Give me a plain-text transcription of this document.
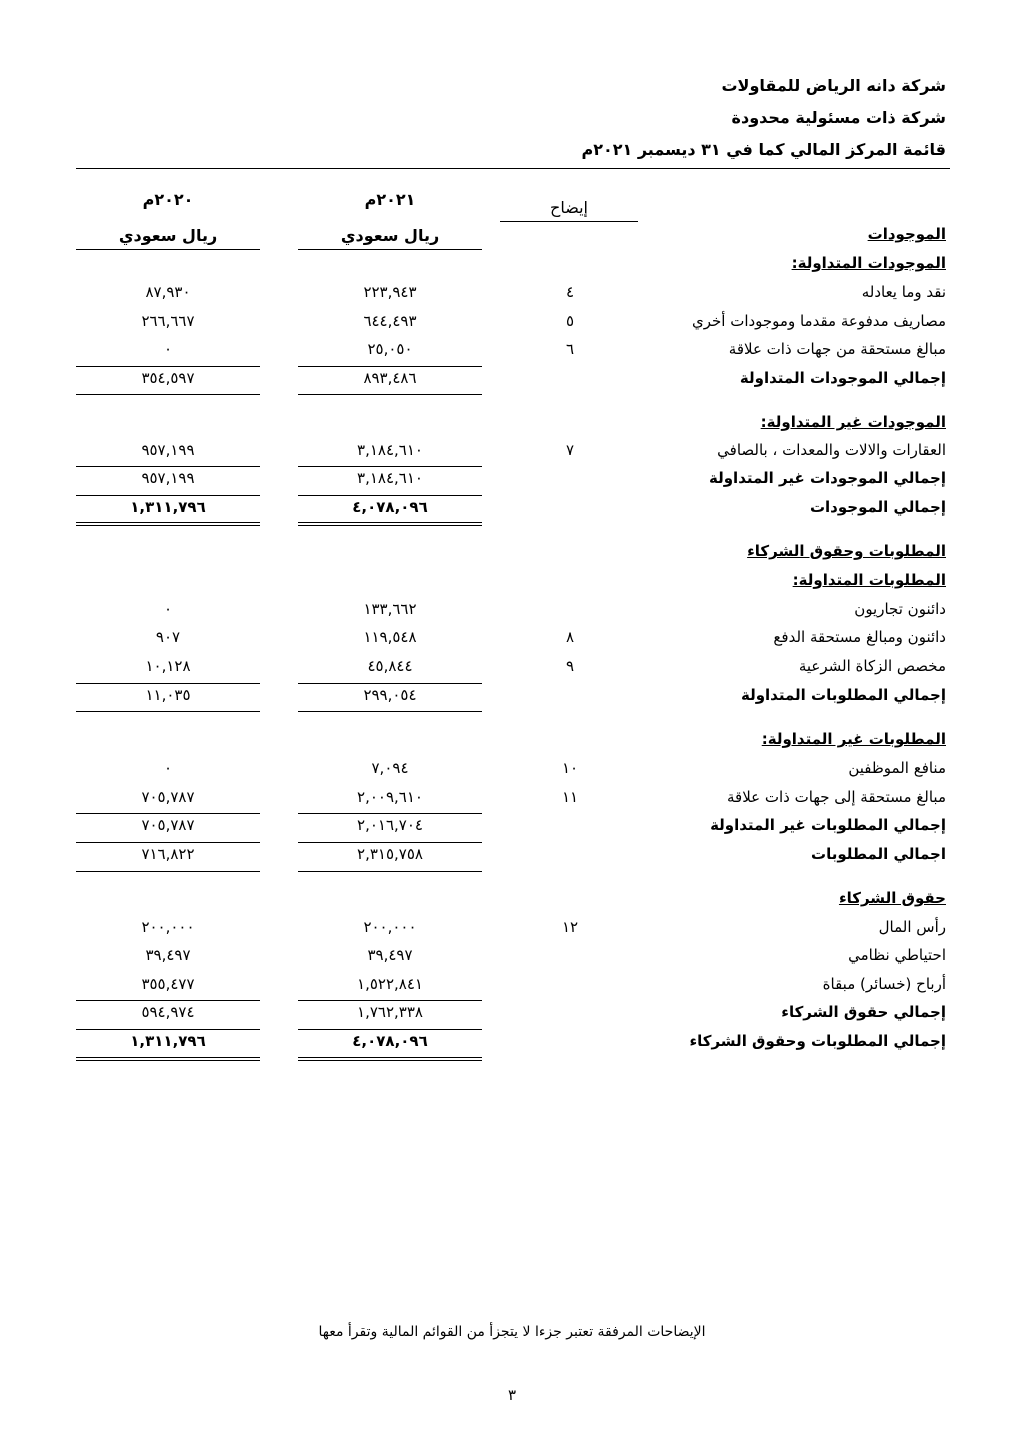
شركة دانه الرياض للمقاولات
شركة ذات مسئولية محدودة
قائمة المركز المالي كما في ٣١ ديسمبر ٢٠٢١م
٢٠٢١م
٢٠٢٠م	إيضاح
ريال سعودي
ريال سعودي	الموجودات
الموجودات المتداولة:
نقد وما يعادله
٤
٢٢٣,٩٤٣
٨٧,٩٣٠
مصاريف مدفوعة مقدما وموجودات أخري
٥
٦٤٤,٤٩٣
٢٦٦,٦٦٧
مبالغ مستحقة من جهات ذات علاقة
٦
٢٥,٠٥٠
٠
إجمالي الموجودات المتداولة
٨٩٣,٤٨٦
٣٥٤,٥٩٧
الموجودات غير المتداولة:
العقارات والالات والمعدات ، بالصافي
٧
٣,١٨٤,٦١٠
٩٥٧,١٩٩
إجمالي الموجودات غير المتداولة
٣,١٨٤,٦١٠
٩٥٧,١٩٩
إجمالي الموجودات
٤,٠٧٨,٠٩٦
١,٣١١,٧٩٦
المطلوبات وحقوق الشركاء
المطلوبات المتداولة:
دائنون تجاريون
١٣٣,٦٦٢
٠
دائنون ومبالغ مستحقة الدفع
٨
١١٩,٥٤٨
٩٠٧
مخصص الزكاة الشرعية
٩
٤٥,٨٤٤
١٠,١٢٨
إجمالي المطلوبات المتداولة
٢٩٩,٠٥٤
١١,٠٣٥
المطلوبات غير المتداولة:
منافع الموظفين
١٠
٧,٠٩٤
٠
مبالغ مستحقة إلى جهات ذات علاقة
١١
٢,٠٠٩,٦١٠
٧٠٥,٧٨٧
إجمالي المطلوبات غير المتداولة
٢,٠١٦,٧٠٤
٧٠٥,٧٨٧
اجمالي المطلوبات
٢,٣١٥,٧٥٨
٧١٦,٨٢٢
حقوق الشركاء
رأس المال
١٢
٢٠٠,٠٠٠
٢٠٠,٠٠٠
احتياطي نظامي
٣٩,٤٩٧
٣٩,٤٩٧
أرباح (خسائر) مبقاة
١,٥٢٢,٨٤١
٣٥٥,٤٧٧
إجمالي حقوق الشركاء
١,٧٦٢,٣٣٨
٥٩٤,٩٧٤
إجمالي المطلوبات وحقوق الشركاء
٤,٠٧٨,٠٩٦
١,٣١١,٧٩٦
الإيضاحات المرفقة تعتبر جزءا لا يتجزأ من القوائم المالية وتقرأ معها
٣
